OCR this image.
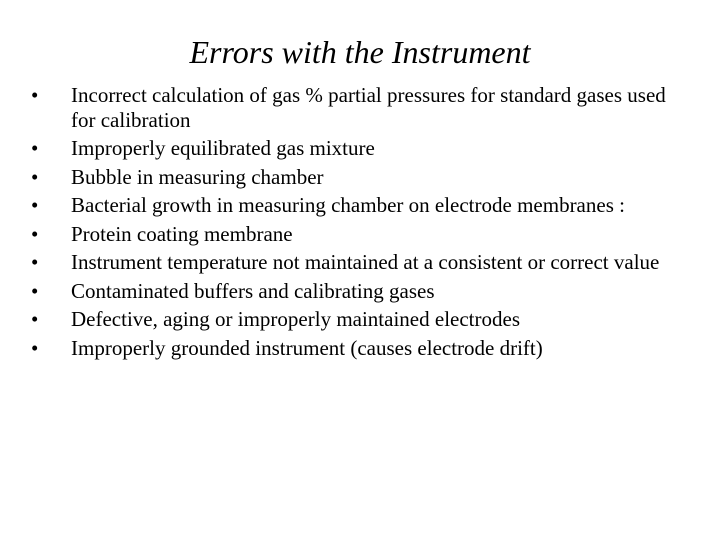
Errors with the Instrument
•	Incorrect calculation of gas % partial pressures for standard gases used for calibration
•	Improperly equilibrated gas mixture
•	Bubble in measuring chamber
•	Bacterial growth in measuring chamber on electrode membranes :
•	Protein coating membrane
•	Instrument temperature not maintained at a consistent or correct value
•	Contaminated buffers and calibrating gases
•	Defective, aging or improperly maintained electrodes
•	Improperly grounded instrument (causes electrode drift)
